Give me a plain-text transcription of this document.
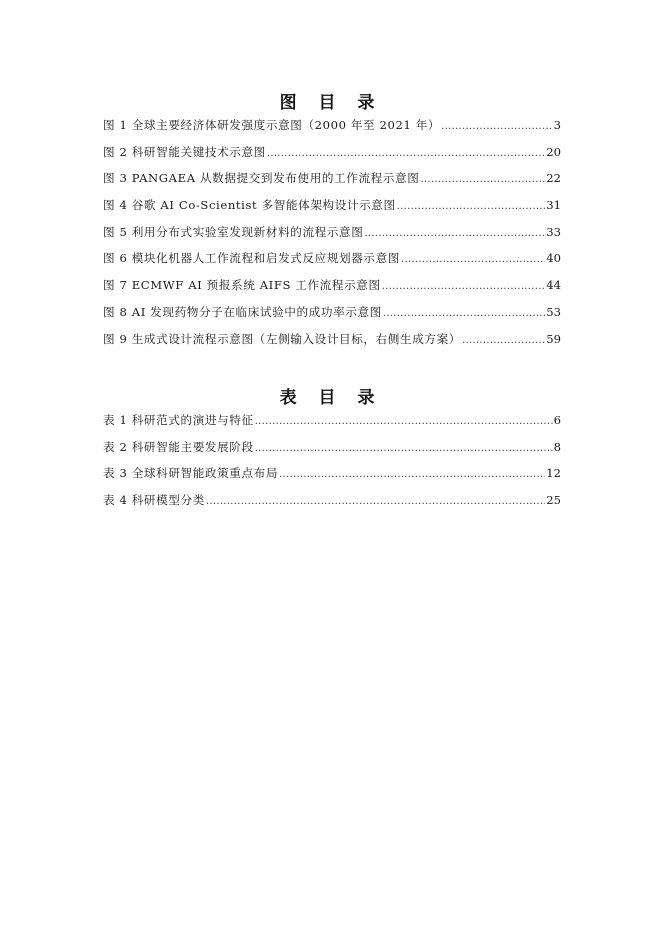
图 目 录
图 1 全球主要经济体研发强度示意图（2000 年至 2021 年） .....	3
图 2 科研智能关键技术示意图 .....	20
图 3 PANGAEA 从数据提交到发布使用的工作流程示意图 .....	22
图 4 谷歌 AI Co-Scientist 多智能体架构设计示意图 .....	31
图 5 利用分布式实验室发现新材料的流程示意图 .....	33
图 6 模块化机器人工作流程和启发式反应规划器示意图 .....	40
图 7 ECMWF AI 预报系统 AIFS 工作流程示意图 .....	44
图 8 AI 发现药物分子在临床试验中的成功率示意图 .....	53
图 9 生成式设计流程示意图（左侧输入设计目标，右侧生成方案） .....	59
表 目 录
表 1 科研范式的演进与特征 .....	6
表 2 科研智能主要发展阶段 .....	8
表 3 全球科研智能政策重点布局 .....	12
表 4 科研模型分类 .....	25
